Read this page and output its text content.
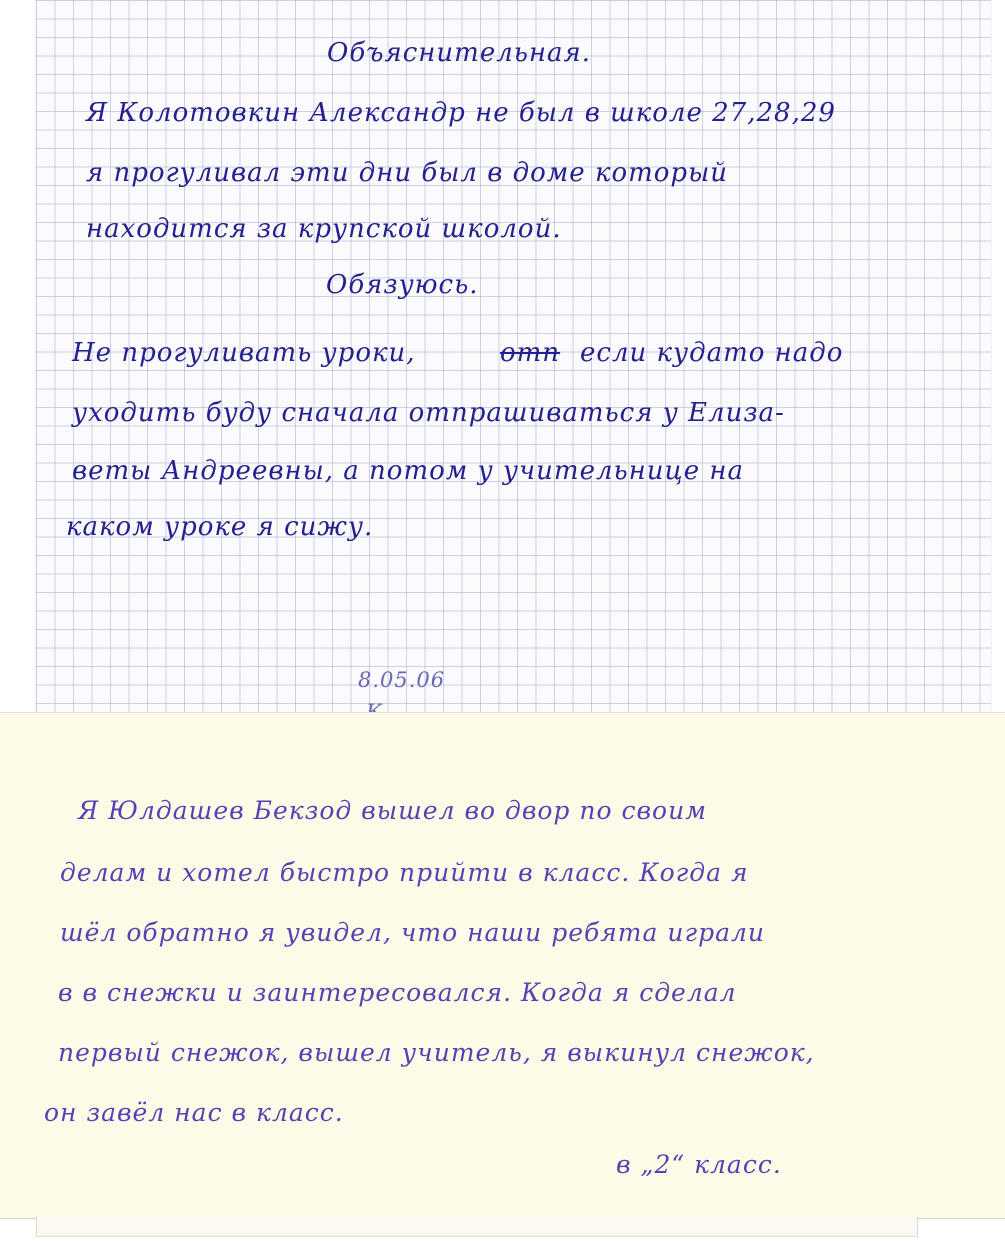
Объяснительная.
Я Колотовкин Александр не был в школе 27,28,29
я прогуливал эти дни был в доме который
находится за крупской школой.
Обязуюсь.
Не прогуливать уроки,	отп если кудато надо
уходить буду сначала отпрашиваться у Елиза-
веты Андреевны, а потом у учительнице на
каком уроке я сижу.
8.05.06
Я Юлдашев Бекзод вышел во двор по своим
делам и хотел быстро прийти в класс. Когда я
шёл обратно я увидел, что наши ребята играли
в в снежки и заинтересовался. Когда я сделал
первый снежок, вышел учитель, я выкинул снежок,
он завёл нас в класс.
в „2“ класс.
